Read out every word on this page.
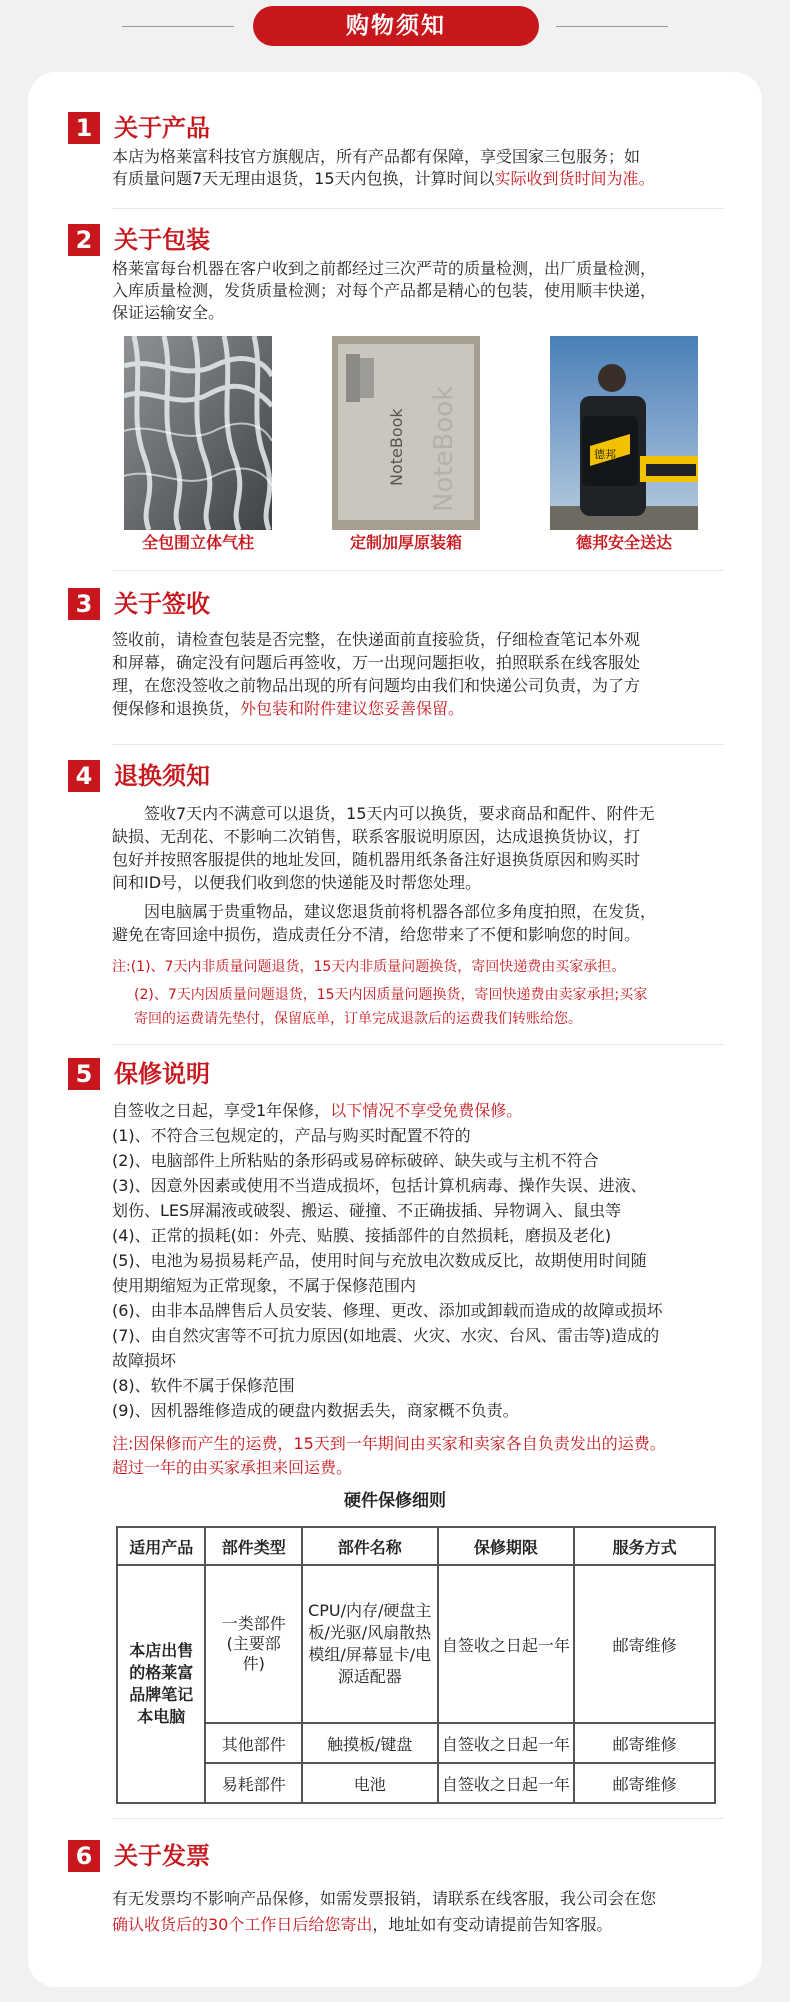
购物须知
1 关于产品
本店为格莱富科技官方旗舰店，所有产品都有保障，享受国家三包服务；如
有质量问题7天无理由退货，15天内包换，计算时间以实际收到货时间为准。
2 关于包装
格莱富每台机器在客户收到之前都经过三次严苛的质量检测，出厂质量检测，
入库质量检测，发货质量检测；对每个产品都是精心的包装，使用顺丰快递，
保证运输安全。
NoteBook NoteBook	德邦
全包围立体气柱	定制加厚原装箱	德邦安全送达
3 关于签收
签收前，请检查包装是否完整，在快递面前直接验货，仔细检查笔记本外观
和屏幕，确定没有问题后再签收，万一出现问题拒收，拍照联系在线客服处
理，在您没签收之前物品出现的所有问题均由我们和快递公司负责，为了方
便保修和退换货，外包装和附件建议您妥善保留。
4 退换须知
签收7天内不满意可以退货，15天内可以换货，要求商品和配件、附件无
缺损、无刮花、不影响二次销售，联系客服说明原因，达成退换货协议，打
包好并按照客服提供的地址发回，随机器用纸条备注好退换货原因和购买时
间和ID号，以便我们收到您的快递能及时帮您处理。
因电脑属于贵重物品，建议您退货前将机器各部位多角度拍照，在发货，
避免在寄回途中损伤，造成责任分不清，给您带来了不便和影响您的时间。
注:(1)、7天内非质量问题退货，15天内非质量问题换货，寄回快递费由买家承担。
(2)、7天内因质量问题退货，15天内因质量问题换货，寄回快递费由卖家承担;买家
寄回的运费请先垫付，保留底单，订单完成退款后的运费我们转账给您。
5 保修说明
自签收之日起，享受1年保修，以下情况不享受免费保修。
(1)、不符合三包规定的，产品与购买时配置不符的
(2)、电脑部件上所粘贴的条形码或易碎标破碎、缺失或与主机不符合
(3)、因意外因素或使用不当造成损坏，包括计算机病毒、操作失误、进液、
划伤、LES屏漏液或破裂、搬运、碰撞、不正确拔插、异物调入、鼠虫等
(4)、正常的损耗(如：外壳、贴膜、接插部件的自然损耗，磨损及老化)
(5)、电池为易损易耗产品，使用时间与充放电次数成反比，故期使用时间随
使用期缩短为正常现象，不属于保修范围内
(6)、由非本品牌售后人员安装、修理、更改、添加或卸载而造成的故障或损坏
(7)、由自然灾害等不可抗力原因(如地震、火灾、水灾、台风、雷击等)造成的
故障损坏
(8)、软件不属于保修范围
(9)、因机器维修造成的硬盘内数据丢失，商家概不负责。
注:因保修而产生的运费，15天到一年期间由买家和卖家各自负责发出的运费。
超过一年的由买家承担来回运费。
硬件保修细则
适用产品	部件类型	部件名称	保修期限	服务方式
本店出售的格莱富品牌笔记本电脑	一类部件(主要部件)	CPU/内存/硬盘主板/光驱/风扇散热模组/屏幕显卡/电源适配器	自签收之日起一年	邮寄维修
	其他部件	触摸板/键盘	自签收之日起一年	邮寄维修
	易耗部件	电池	自签收之日起一年	邮寄维修
6 关于发票
有无发票均不影响产品保修，如需发票报销，请联系在线客服，我公司会在您
确认收货后的30个工作日后给您寄出，地址如有变动请提前告知客服。
